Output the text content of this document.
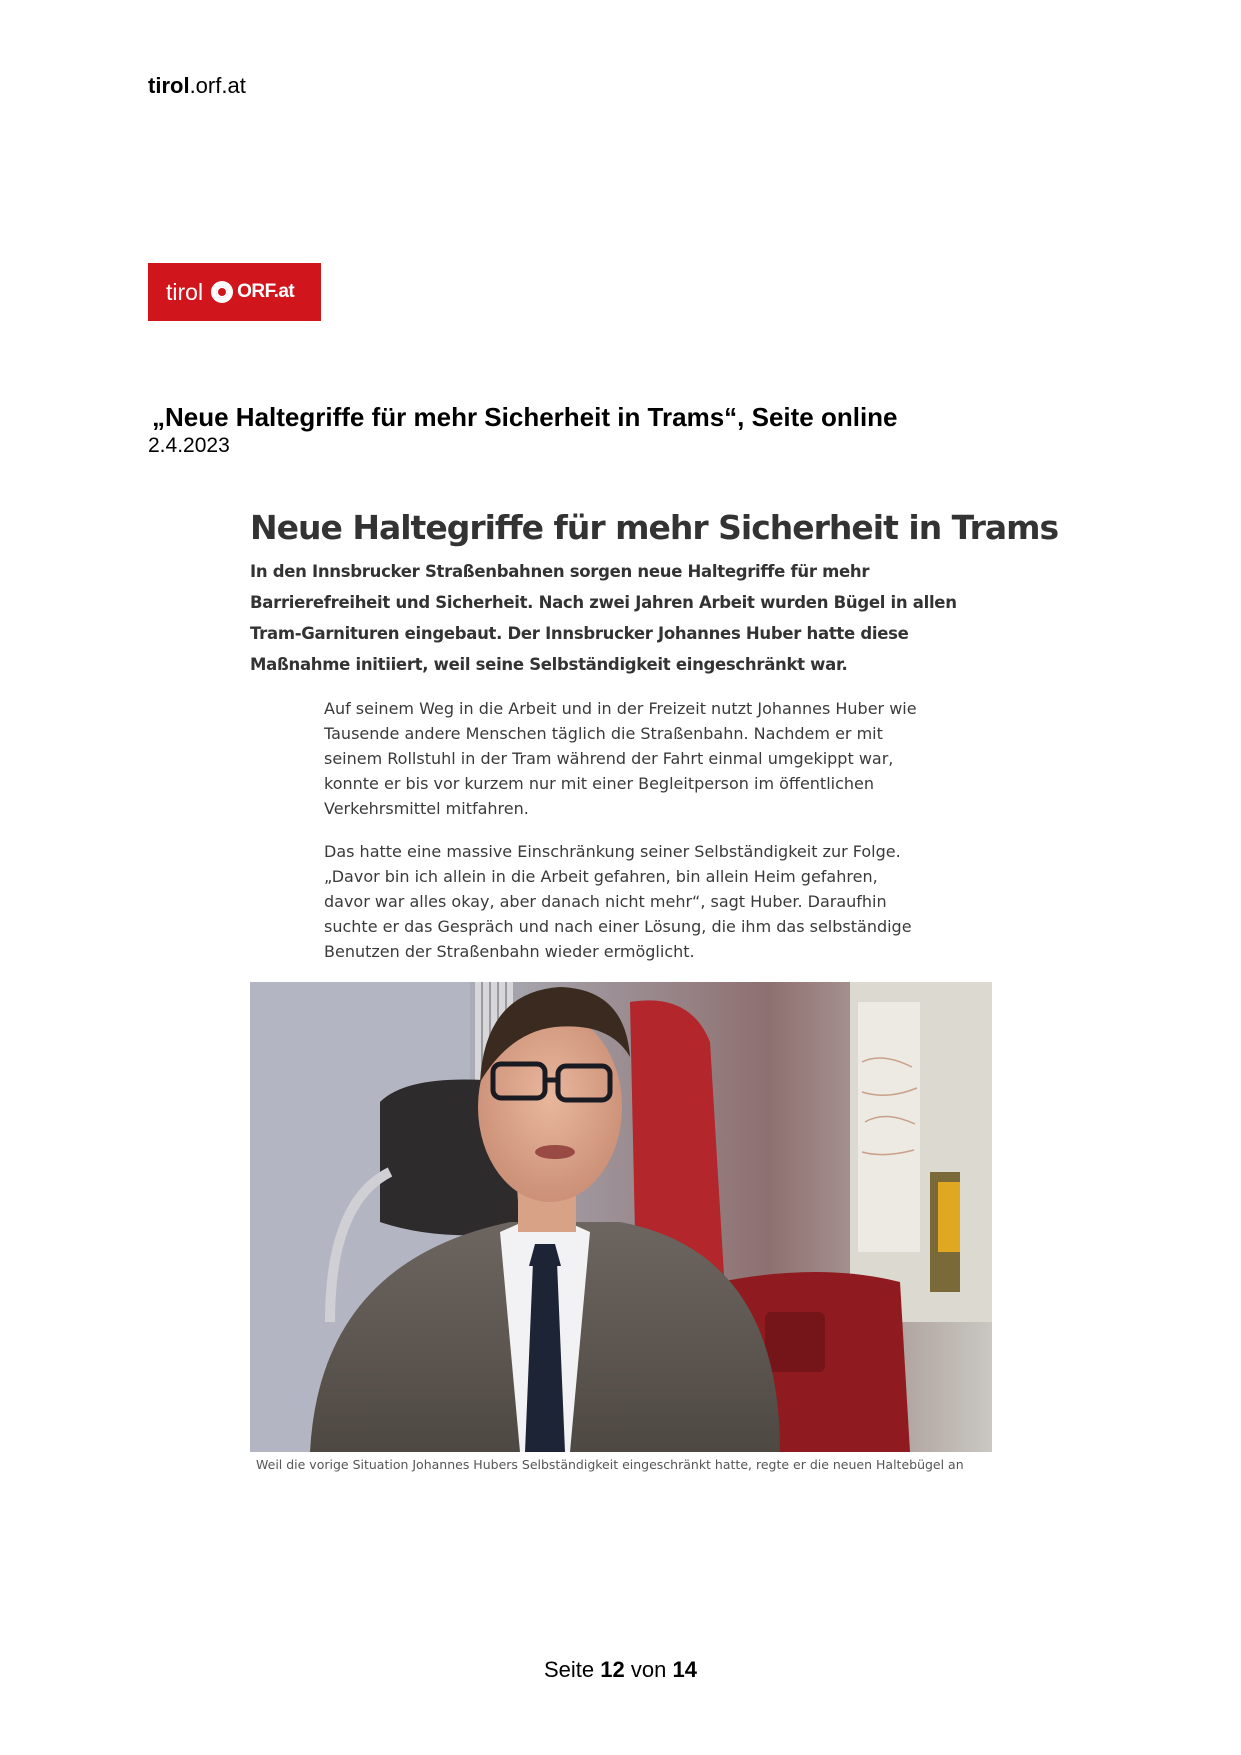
tirol.orf.at
tirol ORF.at
„Neue Haltegriffe für mehr Sicherheit in Trams“, Seite online
2.4.2023
Neue Haltegriffe für mehr Sicherheit in Trams

In den Innsbrucker Straßenbahnen sorgen neue Haltegriffe für mehr Barrierefreiheit und Sicherheit. Nach zwei Jahren Arbeit wurden Bügel in allen Tram-Garnituren eingebaut. Der Innsbrucker Johannes Huber hatte diese Maßnahme initiiert, weil seine Selbständigkeit eingeschränkt war.

Auf seinem Weg in die Arbeit und in der Freizeit nutzt Johannes Huber wie Tausende andere Menschen täglich die Straßenbahn. Nachdem er mit seinem Rollstuhl in der Tram während der Fahrt einmal umgekippt war, konnte er bis vor kurzem nur mit einer Begleitperson im öffentlichen Verkehrsmittel mitfahren.

Das hatte eine massive Einschränkung seiner Selbständigkeit zur Folge. „Davor bin ich allein in die Arbeit gefahren, bin allein Heim gefahren, davor war alles okay, aber danach nicht mehr“, sagt Huber. Daraufhin suchte er das Gespräch und nach einer Lösung, die ihm das selbständige Benutzen der Straßenbahn wieder ermöglicht.

Weil die vorige Situation Johannes Hubers Selbständigkeit eingeschränkt hatte, regte er die neuen Haltebügel an
Seite 12 von 14
